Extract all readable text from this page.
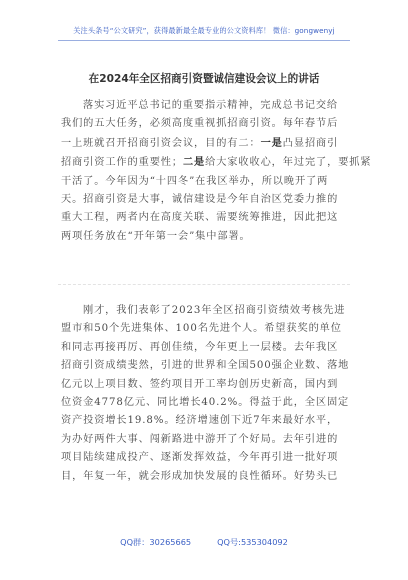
关注头条号“公文研究”，获得最新最全最专业的公文资料库！ 微信：gongwenyj
在2024年全区招商引资暨诚信建设会议上的讲话
落实习近平总书记的重要指示精神，完成总书记交给
我们的五大任务，必须高度重视抓招商引资。每年春节后
一上班就召开招商引资会议，目的有二：一是凸显招商引
招商引资工作的重要性；二是给大家收收心，年过完了，要抓紧
干活了。今年因为“十四冬”在我区举办，所以晚开了两
天。招商引资是大事，诚信建设是今年自治区党委力推的
重大工程，两者内在高度关联、需要统筹推进，因此把这
两项任务放在“开年第一会”集中部署。
刚才，我们表彰了2023年全区招商引资绩效考核先进
盟市和50个先进集体、100名先进个人。希望获奖的单位
和同志再接再厉、再创佳绩，今年更上一层楼。去年我区
招商引资成绩斐然，引进的世界和全国500强企业数、落地
亿元以上项目数、签约项目开工率均创历史新高，国内到
位资金4778亿元、同比增长40.2%。得益于此，全区固定
资产投资增长19.8%。经济增速创下近7年来最好水平，
为办好两件大事、闯新路进中游开了个好局。去年引进的
项目陆续建成投产、逐渐发挥效益，今年再引进一批好项
目，年复一年，就会形成加快发展的良性循环。好势头已
QQ群：30265665	QQ号:535304092
